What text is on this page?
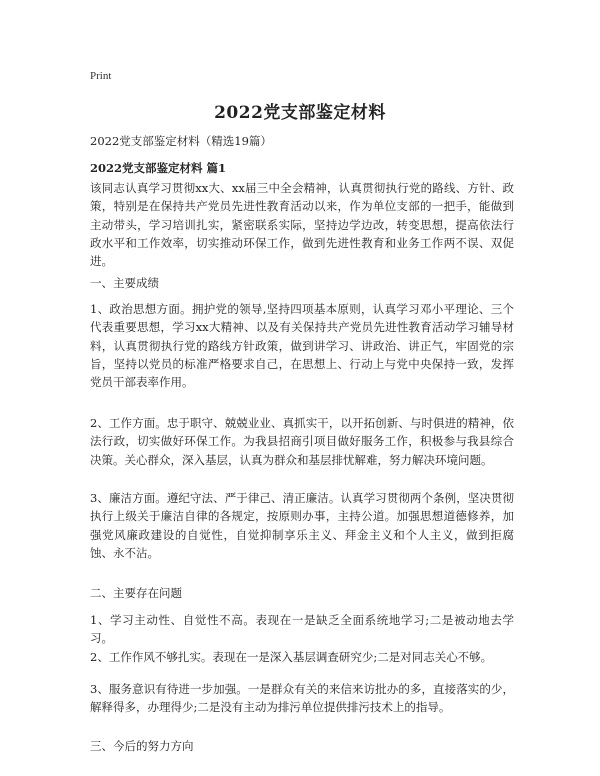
Print
2022党支部鉴定材料
2022党支部鉴定材料（精选19篇）
2022党支部鉴定材料 篇1
该同志认真学习贯彻xx大、xx届三中全会精神，认真贯彻执行党的路线、方针、政策，特别是在保持共产党员先进性教育活动以来，作为单位支部的一把手，能做到主动带头，学习培训扎实，紧密联系实际，坚持边学边改，转变思想，提高依法行政水平和工作效率，切实推动环保工作，做到先进性教育和业务工作两不误、双促进。
一、主要成绩
1、政治思想方面。拥护党的领导,坚持四项基本原则，认真学习邓小平理论、三个代表重要思想，学习xx大精神、以及有关保持共产党员先进性教育活动学习辅导材料，认真贯彻执行党的路线方针政策，做到讲学习、讲政治、讲正气，牢固党的宗旨，坚持以党员的标准严格要求自己，在思想上、行动上与党中央保持一致，发挥党员干部表率作用。
2、工作方面。忠于职守、兢兢业业、真抓实干，以开拓创新、与时俱进的精神，依法行政，切实做好环保工作。为我县招商引项目做好服务工作，积极参与我县综合决策。关心群众，深入基层，认真为群众和基层排忧解难，努力解决环境问题。
3、廉洁方面。遵纪守法、严于律己、清正廉洁。认真学习贯彻两个条例，坚决贯彻执行上级关于廉洁自律的各规定，按原则办事，主持公道。加强思想道德修养，加强党风廉政建设的自觉性，自觉抑制享乐主义、拜金主义和个人主义，做到拒腐蚀、永不沾。
二、主要存在问题
1、学习主动性、自觉性不高。表现在一是缺乏全面系统地学习;二是被动地去学习。
2、工作作风不够扎实。表现在一是深入基层调查研究少;二是对同志关心不够。
3、服务意识有待进一步加强。一是群众有关的来信来访批办的多，直接落实的少，解释得多，办理得少;二是没有主动为排污单位提供排污技术上的指导。
三、今后的努力方向
